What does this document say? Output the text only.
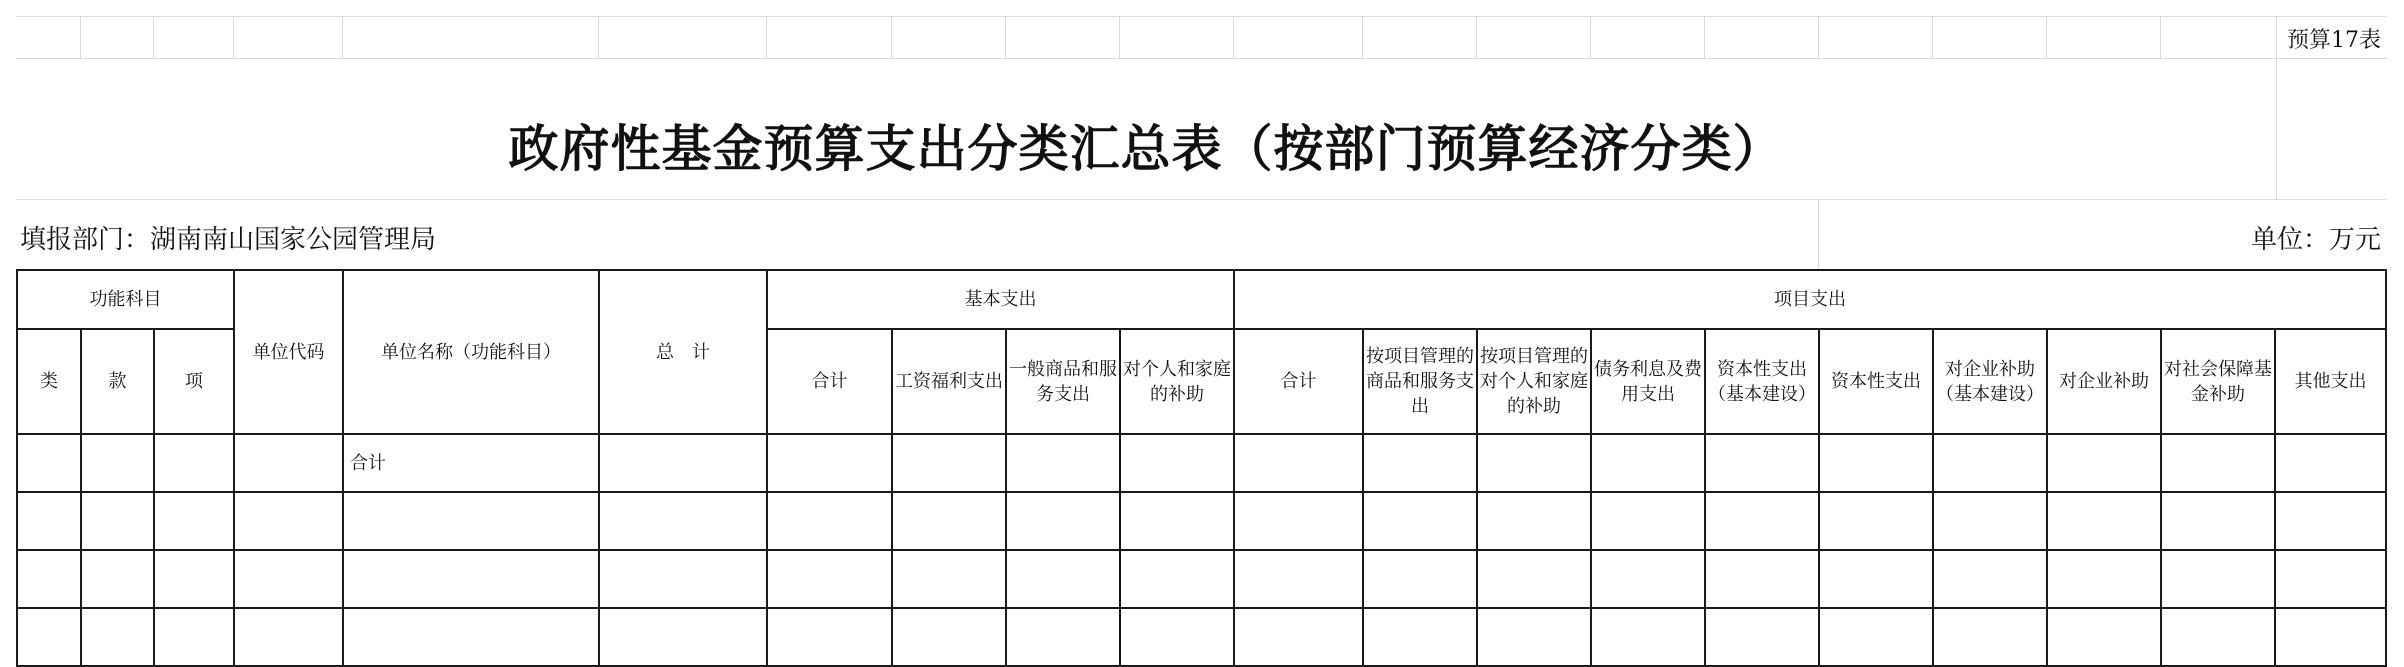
预算17表
政府性基金预算支出分类汇总表（按部门预算经济分类）
填报部门：湖南南山国家公园管理局	单位：万元
功能科目			单位代码	单位名称（功能科目）	总　计	基本支出				项目支出									
类	款	项				合计	工资福利支出	一般商品和服务支出	对个人和家庭的补助	合计	按项目管理的商品和服务支出	按项目管理的对个人和家庭的补助	债务利息及费用支出	资本性支出（基本建设）	资本性支出	对企业补助（基本建设）	对企业补助	对社会保障基金补助	其他支出
				合计															
